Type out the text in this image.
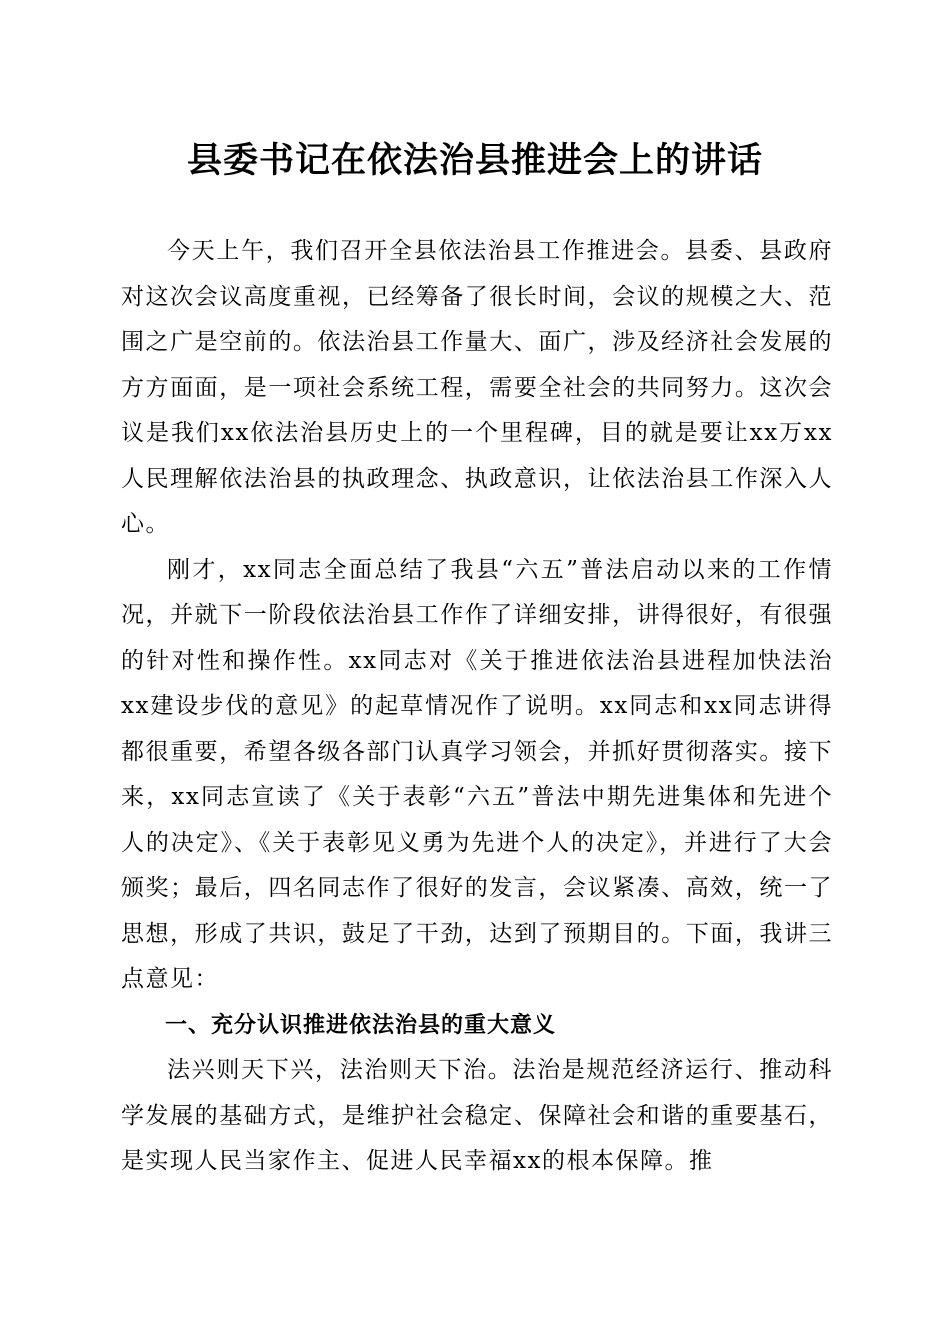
县委书记在依法治县推进会上的讲话

今天上午，我们召开全县依法治县工作推进会。县委、县政府对这次会议高度重视，已经筹备了很长时间，会议的规模之大、范围之广是空前的。依法治县工作量大、面广，涉及经济社会发展的方方面面，是一项社会系统工程，需要全社会的共同努力。这次会议是我们xx依法治县历史上的一个里程碑，目的就是要让xx万xx人民理解依法治县的执政理念、执政意识，让依法治县工作深入人心。

刚才，xx同志全面总结了我县“六五”普法启动以来的工作情况，并就下一阶段依法治县工作作了详细安排，讲得很好，有很强的针对性和操作性。xx同志对《关于推进依法治县进程加快法治xx建设步伐的意见》的起草情况作了说明。xx同志和xx同志讲得都很重要，希望各级各部门认真学习领会，并抓好贯彻落实。接下来，xx同志宣读了《关于表彰“六五”普法中期先进集体和先进个人的决定》、《关于表彰见义勇为先进个人的决定》，并进行了大会颁奖；最后，四名同志作了很好的发言，会议紧凑、高效，统一了思想，形成了共识，鼓足了干劲，达到了预期目的。下面，我讲三点意见：

一、充分认识推进依法治县的重大意义

法兴则天下兴，法治则天下治。法治是规范经济运行、推动科学发展的基础方式，是维护社会稳定、保障社会和谐的重要基石，是实现人民当家作主、促进人民幸福xx的根本保障。推
